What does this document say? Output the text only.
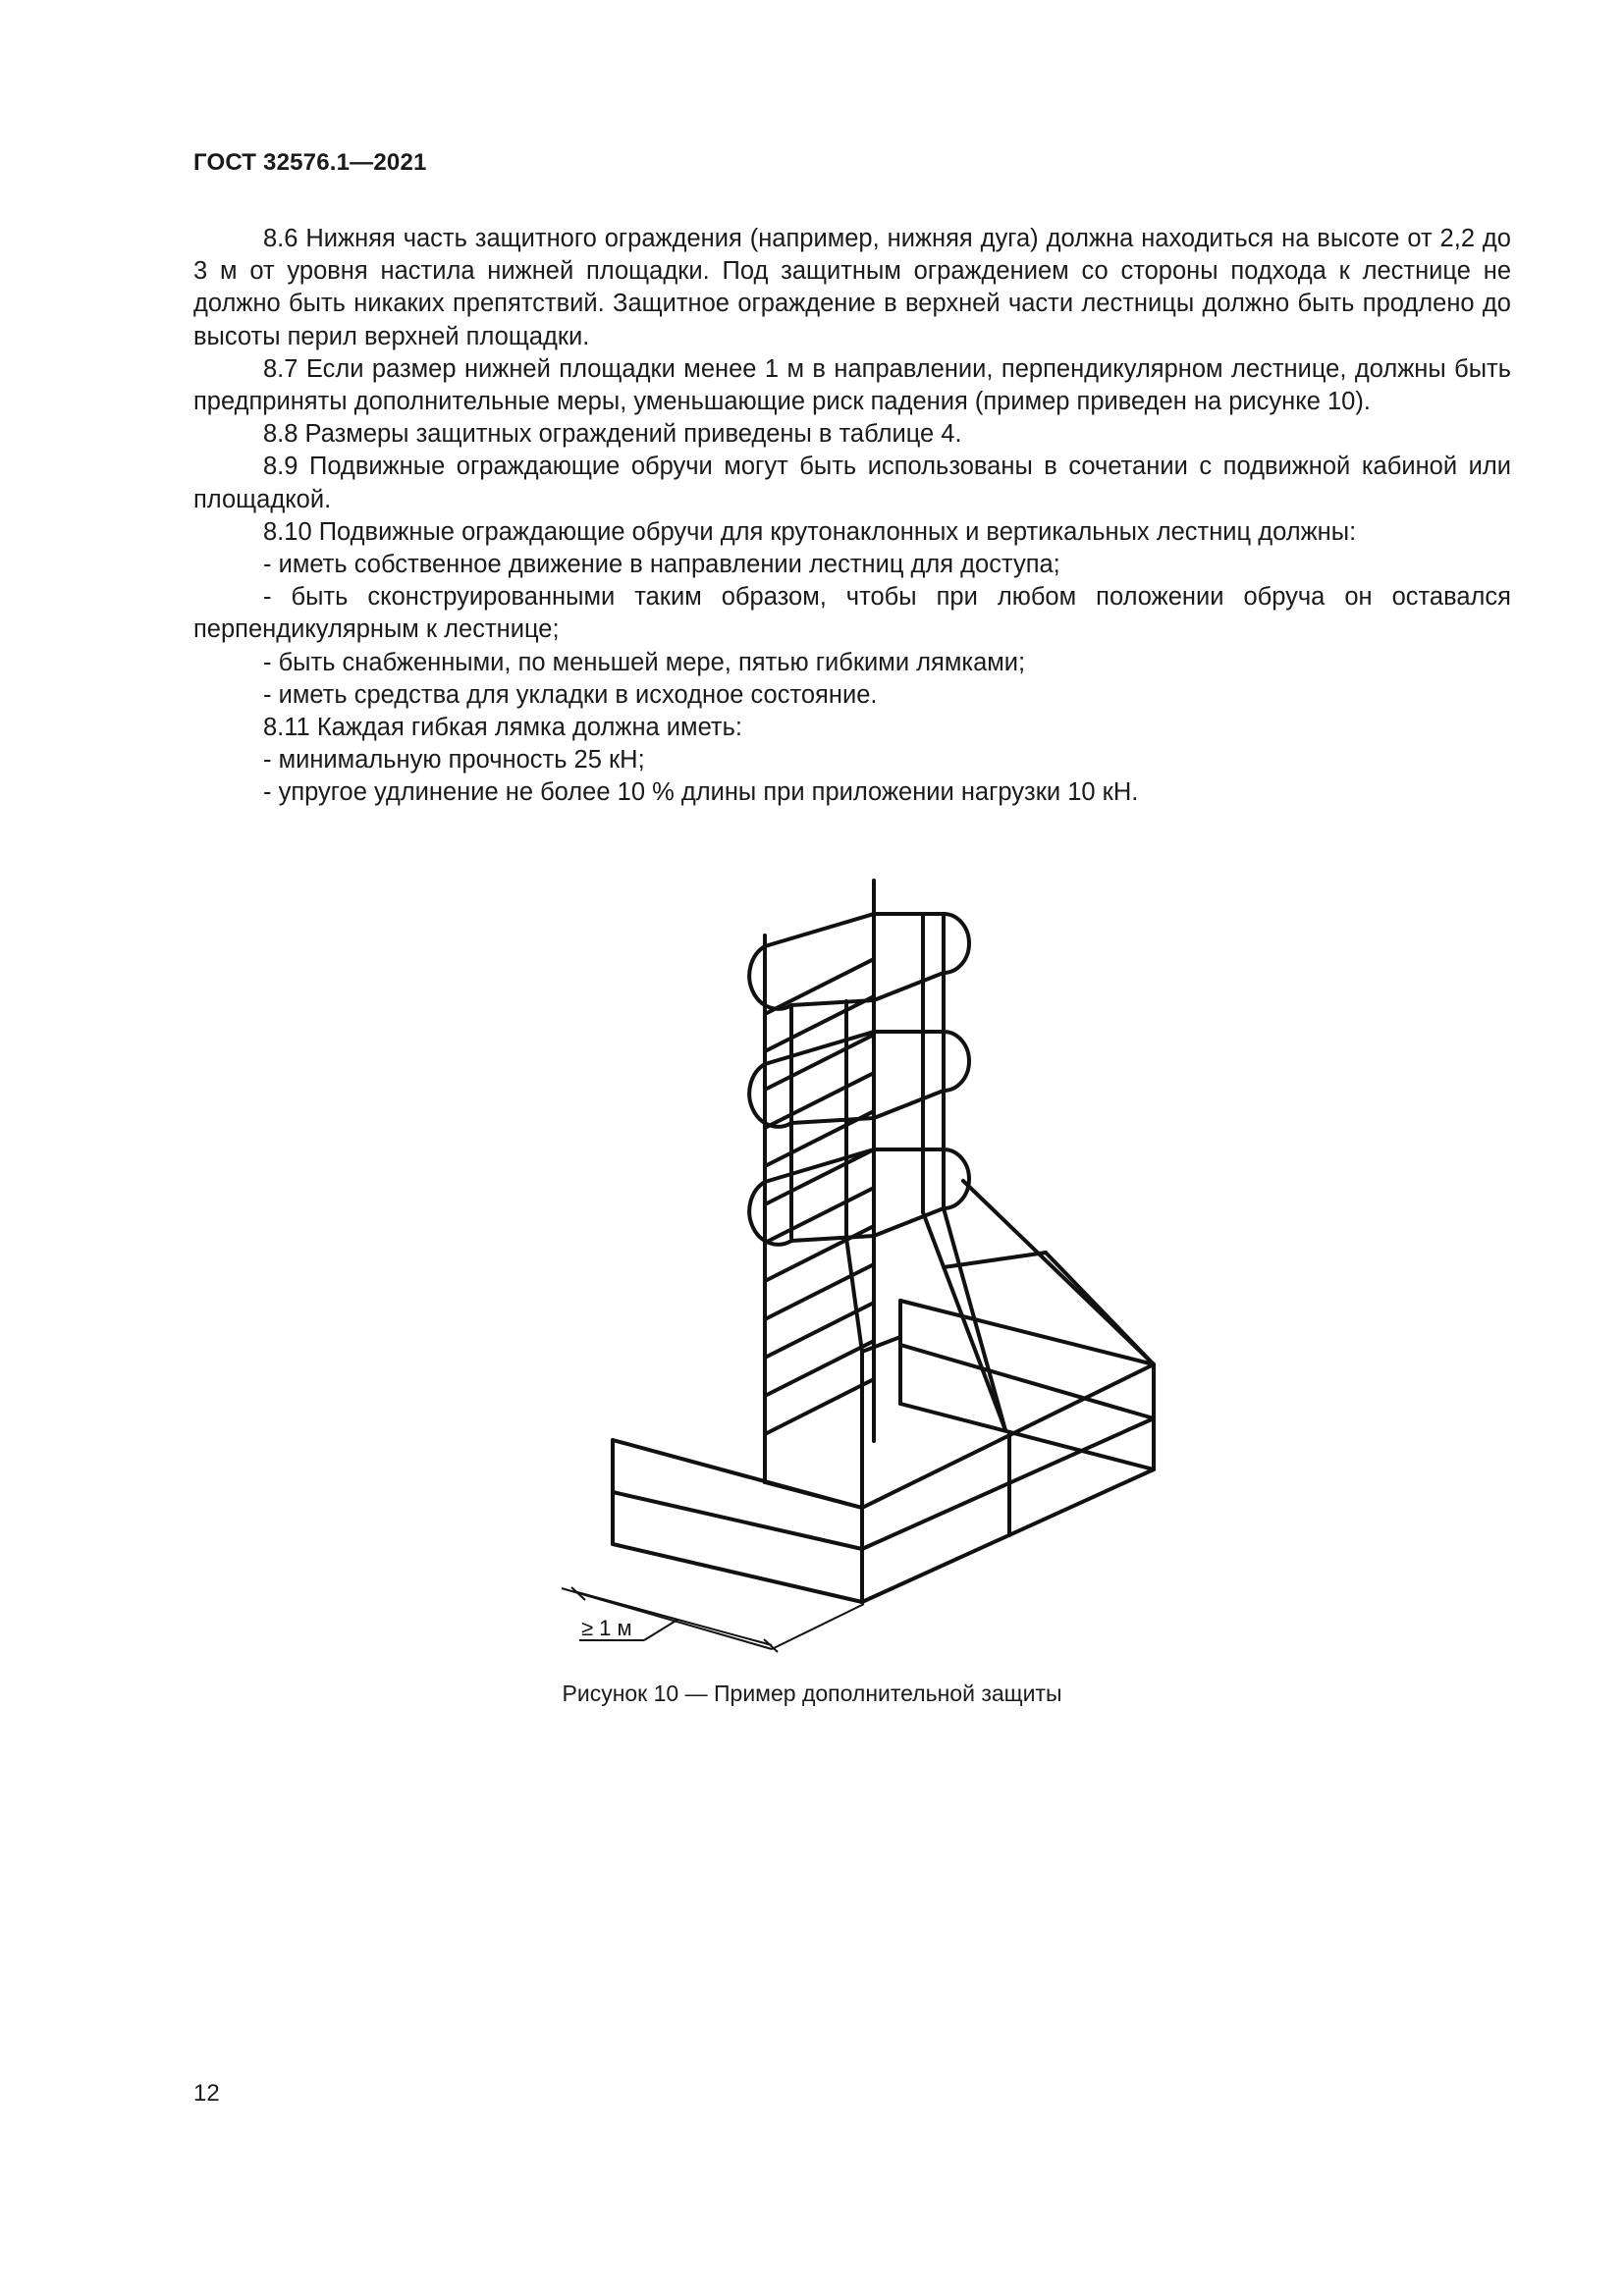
ГОСТ 32576.1—2021

8.6 Нижняя часть защитного ограждения (например, нижняя дуга) должна находиться на высоте от 2,2 до 3 м от уровня настила нижней площадки. Под защитным ограждением со стороны подхода к лестнице не должно быть никаких препятствий. Защитное ограждение в верхней части лестницы должно быть продлено до высоты перил верхней площадки.

8.7 Если размер нижней площадки менее 1 м в направлении, перпендикулярном лестнице, должны быть предприняты дополнительные меры, уменьшающие риск падения (пример приведен на рисунке 10).

8.8 Размеры защитных ограждений приведены в таблице 4.

8.9 Подвижные ограждающие обручи могут быть использованы в сочетании с подвижной кабиной или площадкой.

8.10 Подвижные ограждающие обручи для крутонаклонных и вертикальных лестниц должны:

- иметь собственное движение в направлении лестниц для доступа;

- быть сконструированными таким образом, чтобы при любом положении обруча он оставался перпендикулярным к лестнице;

- быть снабженными, по меньшей мере, пятью гибкими лямками;

- иметь средства для укладки в исходное состояние.

8.11 Каждая гибкая лямка должна иметь:

- минимальную прочность 25 кН;

- упругое удлинение не более 10 % длины при приложении нагрузки 10 кН.

≥ 1 м
Рисунок 10 — Пример дополнительной защиты
12
